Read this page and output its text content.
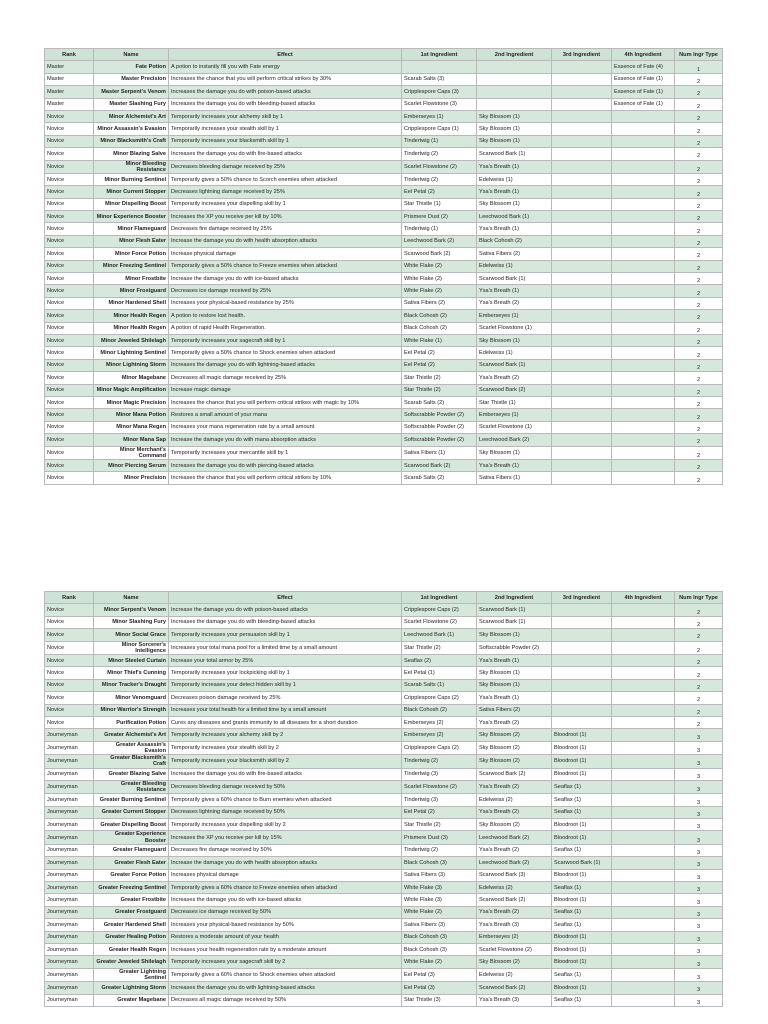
Rank	Name	Effect	1st Ingredient	2nd Ingredient	3rd Ingredient	4th Ingredient	Num Ingr Type
Master	Fate Potion	A potion to instantly fill you with Fate energy				Essence of Fate (4)	1
Master	Master Precision	Increases the chance that you will perform critical strikes by 30%	Scarab Salts (3)			Essence of Fate (1)	2
Master	Master Serpent's Venom	Increases the damage you do with poison-based attacks	Cripplespore Caps (3)			Essence of Fate (1)	2
Master	Master Slashing Fury	Increases the damage you do with bleeding-based attacks	Scarlet Flowstone (3)			Essence of Fate (1)	2
Novice	Minor Alchemist's Art	Temporarily increases your alchemy skill by 1	Emberseyes (1)	Sky Blossom (1)			2
Novice	Minor Assassin's Evasion	Temporarily increases your stealth skill by 1	Cripplespore Caps (1)	Sky Blossom (1)			2
Novice	Minor Blacksmith's Craft	Temporarily increases your blacksmith skill by 1	Tindertwig (1)	Sky Blossom (1)			2
Novice	Minor Blazing Salve	Increases the damage you do with fire-based attacks	Tindertwig (2)	Scarwood Bark (1)			2
Novice	Minor Bleeding Resistance	Decreases bleeding damage received by 25%	Scarlet Flowstone (2)	Ysa's Breath (1)			2
Novice	Minor Burning Sentinel	Temporarily gives a 50% chance to Scorch enemies when attacked	Tindertwig (2)	Edelweiss (1)			2
Novice	Minor Current Stopper	Decreases lightning damage received by 25%	Eel Petal (2)	Ysa's Breath (1)			2
Novice	Minor Dispelling Boost	Temporarily increases your dispelling skill by 1	Star Thistle (1)	Sky Blossom (1)			2
Novice	Minor Experience Booster	Increases the XP you receive per kill by 10%	Prismere Dust (2)	Leechwood Bark (1)			2
Novice	Minor Flameguard	Decreases fire damage received by 25%	Tindertwig (1)	Ysa's Breath (1)			2
Novice	Minor Flesh Eater	Increase the damage you do with health absorption attacks	Leechwood Bark (2)	Black Cohosh (2)			2
Novice	Minor Force Potion	Increase physical damage	Scarwood Bark (2)	Sativa Fibers (2)			2
Novice	Minor Freezing Sentinel	Temporarily gives a 50% chance to Freeze enemies when attacked	White Flake (2)	Edelweiss (1)			2
Novice	Minor Frostbite	Increase the damage you do with ice-based attacks	White Flake (2)	Scarwood Bark (1)			2
Novice	Minor Frostguard	Decreases ice damage received by 25%	White Flake (2)	Ysa's Breath (1)			2
Novice	Minor Hardened Shell	Increases your physical-based resistance by 25%	Sativa Fibers (2)	Ysa's Breath (2)			2
Novice	Minor Health Regen	A potion to restore lost health.	Black Cohosh (2)	Emberseyes (1)			2
Novice	Minor Health Regen	A potion of rapid Health Regeneration.	Black Cohosh (2)	Scarlet Flowstone (1)			2
Novice	Minor Jeweled Shilelagh	Temporarily increases your sagecraft skill by 1	White Flake (1)	Sky Blossom (1)			2
Novice	Minor Lightning Sentinel	Temporarily gives a 50% chance to Shock enemies when attacked	Eel Petal (2)	Edelweiss (1)			2
Novice	Minor Lightning Storm	Increases the damage you do with lightning-based attacks	Eel Petal (2)	Scarwood Bark (1)			2
Novice	Minor Magebane	Decreases all magic damage received by 25%	Star Thistle (2)	Ysa's Breath (2)			2
Novice	Minor Magic Amplification	Increase magic damage	Star Thistle (2)	Scarwood Bark (2)			2
Novice	Minor Magic Precision	Increases the chance that you will perform critical strikes with magic by 10%	Scarab Salts (2)	Star Thistle (1)			2
Novice	Minor Mana Potion	Restores a small amount of your mana	Softscrabble Powder (2)	Emberseyes (1)			2
Novice	Minor Mana Regen	Increases your mana regeneration rate by a small amount	Softscrabble Powder (2)	Scarlet Flowstone (1)			2
Novice	Minor Mana Sap	Increase the damage you do with mana absorption attacks	Softscrabble Powder (2)	Leechwood Bark (2)			2
Novice	Minor Merchant's Command	Temporarily increases your mercantile skill by 1	Sativa Fibers (1)	Sky Blossom (1)			2
Novice	Minor Piercing Serum	Increases the damage you do with piercing-based attacks	Scarwood Bark (2)	Ysa's Breath (1)			2
Novice	Minor Precision	Increases the chance that you will perform critical strikes by 10%	Scarab Salts (2)	Sativa Fibers (1)			2
Rank	Name	Effect	1st Ingredient	2nd Ingredient	3rd Ingredient	4th Ingredient	Num Ingr Type
Novice	Minor Serpent's Venom	Increase the damage you do with poison-based attacks	Cripplespore Caps (2)	Scarwood Bark (1)			2
Novice	Minor Slashing Fury	Increases the damage you do with bleeding-based attacks	Scarlet Flowstone (2)	Scarwood Bark (1)			2
Novice	Minor Social Grace	Temporarily increases your persuasion skill by 1	Leechwood Bark (1)	Sky Blossom (1)			2
Novice	Minor Sorcerer's Intelligence	Increases your total mana pool for a limited time by a small amount	Star Thistle (2)	Softscrabble Powder (2)			2
Novice	Minor Steeled Curtain	Increase your total armor by 25%	Seaflax (2)	Ysa's Breath (1)			2
Novice	Minor Thief's Cunning	Temporarily increases your lockpicking skill by 1	Eel Petal (1)	Sky Blossom (1)			2
Novice	Minor Tracker's Draught	Temporarily increases your detect hidden skill by 1	Scarab Salts (1)	Sky Blossom (1)			2
Novice	Minor Venomguard	Decreases poison damage received by 25%	Cripplespore Caps (2)	Ysa's Breath (1)			2
Novice	Minor Warrior's Strength	Increases your total health for a limited time by a small amount	Black Cohosh (2)	Sativa Fibers (2)			2
Novice	Purification Potion	Cures any diseases and grants immunity to all diseases for a short duration	Emberseyes (2)	Ysa's Breath (2)			2
Journeyman	Greater Alchemist's Art	Temporarily increases your alchemy skill by 2	Emberseyes (2)	Sky Blossom (2)	Bloodroot (1)		3
Journeyman	Greater Assassin's Evasion	Temporarily increases your stealth skill by 2	Cripplespore Caps (2)	Sky Blossom (2)	Bloodroot (1)		3
Journeyman	Greater Blacksmith's Craft	Temporarily increases your blacksmith skill by 2	Tindertwig (2)	Sky Blossom (2)	Bloodroot (1)		3
Journeyman	Greater Blazing Salve	Increases the damage you do with fire-based attacks	Tindertwig (3)	Scarwood Bark (2)	Bloodroot (1)		3
Journeyman	Greater Bleeding Resistance	Decreases bleeding damage received by 50%	Scarlet Flowstone (2)	Ysa's Breath (2)	Seaflax (1)		3
Journeyman	Greater Burning Sentinel	Temporarily gives a 60% chance to Burn enemies when attacked	Tindertwig (3)	Edelweiss (2)	Seaflax (1)		3
Journeyman	Greater Current Stopper	Decreases lightning damage received by 50%	Eel Petal (2)	Ysa's Breath (2)	Seaflax (1)		3
Journeyman	Greater Dispelling Boost	Temporarily increases your dispelling skill by 2	Star Thistle (2)	Sky Blossom (2)	Bloodroot (1)		3
Journeyman	Greater Experience Booster	Increases the XP you receive per kill by 15%	Prismere Dust (3)	Leechwood Bark (2)	Bloodroot (1)		3
Journeyman	Greater Flameguard	Decreases fire damage received by 50%	Tindertwig (2)	Ysa's Breath (2)	Seaflax (1)		3
Journeyman	Greater Flesh Eater	Increase the damage you do with health absorption attacks	Black Cohosh (3)	Leechwood Bark (2)	Scarwood Bark (1)		3
Journeyman	Greater Force Potion	Increases physical damage	Sativa Fibers (3)	Scarwood Bark (3)	Bloodroot (1)		3
Journeyman	Greater Freezing Sentinel	Temporarily gives a 60% chance to Freeze enemies when attacked	White Flake (3)	Edelweiss (2)	Seaflax (1)		3
Journeyman	Greater Frostbite	Increases the damage you do with ice-based attacks	White Flake (3)	Scarwood Bark (2)	Bloodroot (1)		3
Journeyman	Greater Frostguard	Decreases ice damage received by 50%	White Flake (2)	Ysa's Breath (2)	Seaflax (1)		3
Journeyman	Greater Hardened Shell	Increases your physical-based resistance by 50%	Sativa Fibers (3)	Ysa's Breath (3)	Seaflax (1)		3
Journeyman	Greater Healing Potion	Restores a moderate amount of your health	Black Cohosh (3)	Emberseyes (2)	Bloodroot (1)		3
Journeyman	Greater Health Regen	Increases your health regeneration rate by a moderate amount	Black Cohosh (3)	Scarlet Flowstone (2)	Bloodroot (1)		3
Journeyman	Greater Jeweled Shilelagh	Temporarily increases your sagecraft skill by 2	White Flake (2)	Sky Blossom (2)	Bloodroot (1)		3
Journeyman	Greater Lightning Sentinel	Temporarily gives a 60% chance to Shock enemies when attacked	Eel Petal (3)	Edelweiss (2)	Seaflax (1)		3
Journeyman	Greater Lightning Storm	Increases the damage you do with lightning-based attacks	Eel Petal (3)	Scarwood Bark (2)	Bloodroot (1)		3
Journeyman	Greater Magebane	Decreases all magic damage received by 50%	Star Thistle (3)	Ysa's Breath (3)	Seaflax (1)		3
